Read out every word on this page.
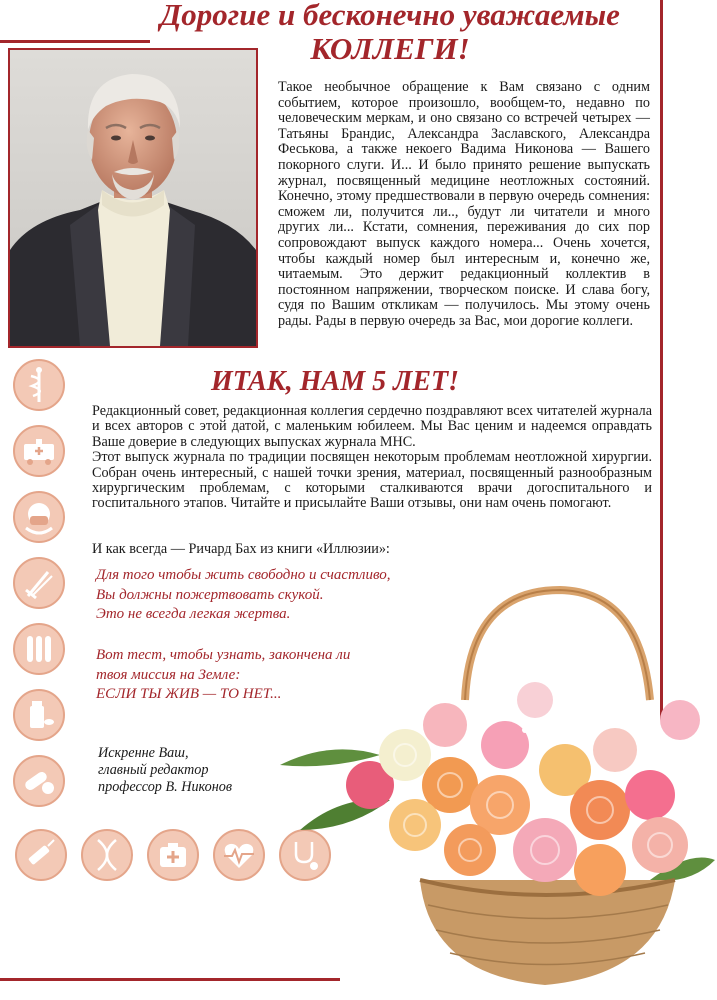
Дорогие и бесконечно уважаемые
КОЛЛЕГИ!

Такое необычное обращение к Вам связано с одним событием, которое произошло, вообщем-то, недавно по человеческим меркам, и оно связано со встречей четырех — Татьяны Брандис, Александра Заславского, Александра Феськова, а также некоего Вадима Никонова — Вашего покорного слуги. И... И было принято решение выпускать журнал, посвященный медицине неотложных состояний. Конечно, этому предшествовали в первую очередь сомнения: сможем ли, получится ли.., будут ли читатели и много других ли... Кстати, сомнения, переживания до сих пор сопровождают выпуск каждого номера... Очень хочется, чтобы каждый номер был интересным и, конечно же, читаемым. Это держит редакционный коллектив в постоянном напряжении, творческом поиске. И слава богу, судя по Вашим откликам — получилось. Мы этому очень рады. Рады в первую очередь за Вас, мои дорогие коллеги.

ИТАК, НАМ 5 ЛЕТ!

Редакционный совет, редакционная коллегия сердечно поздравляют всех читателей журнала и всех авторов с этой датой, с маленьким юбилеем. Мы Вас ценим и надеемся оправдать Ваше доверие в следующих выпусках журнала МНС.

Этот выпуск журнала по традиции посвящен некоторым проблемам неотложной хирургии. Собран очень интересный, с нашей точки зрения, материал, посвященный разнообразным хирургическим проблемам, с которыми сталкиваются врачи догоспитального и госпитального этапов. Читайте и присылайте Ваши отзывы, они нам очень помогают.

И как всегда — Ричард Бах из книги «Иллюзии»:

Для того чтобы жить свободно и счастливо,
Вы должны пожертвовать скукой.
Это не всегда легкая жертва.

Вот тест, чтобы узнать, закончена ли
твоя миссия на Земле:
ЕСЛИ ТЫ ЖИВ — ТО НЕТ...

Искренне Ваш,
главный редактор
профессор В. Никонов
